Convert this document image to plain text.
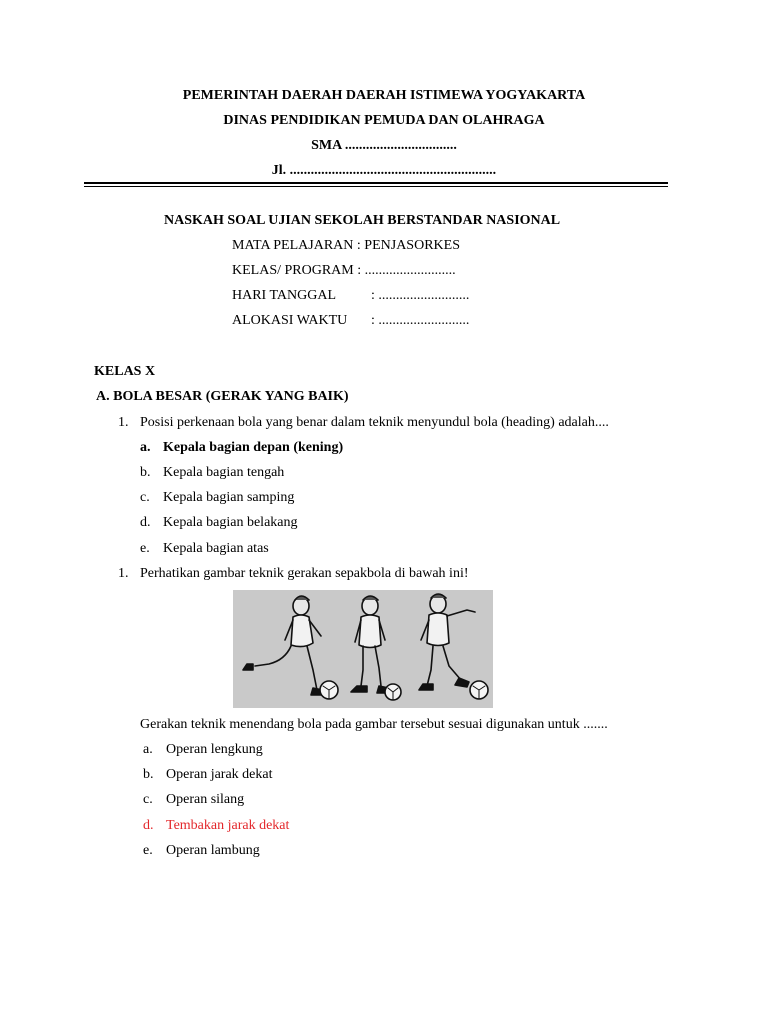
PEMERINTAH DAERAH DAERAH ISTIMEWA YOGYAKARTA
DINAS PENDIDIKAN PEMUDA DAN OLAHRAGA
SMA ................................
Jl. ...........................................................
NASKAH SOAL UJIAN SEKOLAH BERSTANDAR NASIONAL
MATA PELAJARAN : PENJASORKES
KELAS/ PROGRAM : ..........................
HARI TANGGAL : ..........................
ALOKASI WAKTU : ..........................
KELAS X
A. BOLA BESAR (GERAK YANG BAIK)
1. Posisi perkenaan bola yang benar dalam teknik menyundul bola (heading) adalah....
a. Kepala bagian depan (kening)
b. Kepala bagian tengah
c. Kepala bagian samping
d. Kepala bagian belakang
e. Kepala bagian atas
1. Perhatikan gambar teknik gerakan sepakbola di bawah ini!
Gerakan teknik menendang bola pada gambar tersebut sesuai digunakan untuk .......
a. Operan lengkung
b. Operan jarak dekat
c. Operan silang
d. Tembakan jarak dekat
e. Operan lambung
